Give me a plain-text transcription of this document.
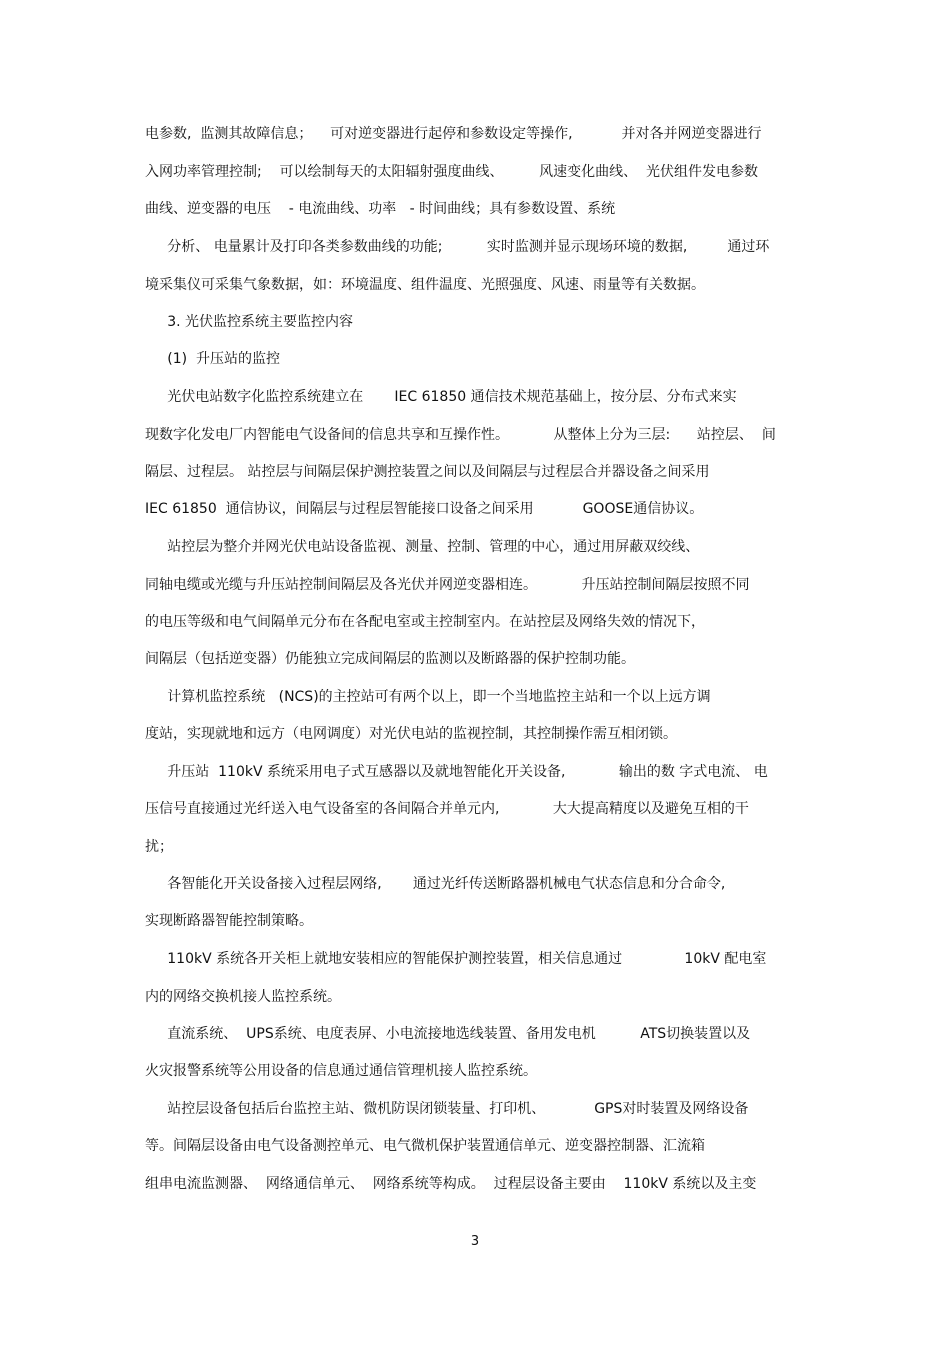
电参数,  监测其故障信息；    可对逆变器进行起停和参数设定等操作,           并对各并网逆变器进行
入网功率管理控制;    可以绘制每天的太阳辐射强度曲线、        风速变化曲线、  光伏组件发电参数
曲线、逆变器的电压    - 电流曲线、功率   - 时间曲线；具有参数设置、系统
分析、 电量累计及打印各类参数曲线的功能;          实时监测并显示现场环境的数据,         通过环
境采集仪可采集气象数据，如：环境温度、组件温度、光照强度、风速、雨量等有关数据。
3. 光伏监控系统主要监控内容
(1)  升压站的监控
光伏电站数字化监控系统建立在       IEC 61850 通信技术规范基础上，按分层、分布式来实
现数字化发电厂内智能电气设备间的信息共享和互操作性。          从整体上分为三层:      站控层、  间
隔层、过程层。 站控层与间隔层保护测控装置之间以及间隔层与过程层合并器设备之间采用
IEC 61850  通信协议，间隔层与过程层智能接口设备之间采用           GOOSE通信协议。
站控层为整介并网光伏电站设备监视、测量、控制、管理的中心，通过用屏蔽双绞线、
同轴电缆或光缆与升压站控制间隔层及各光伏并网逆变器相连。          升压站控制间隔层按照不同
的电压等级和电气间隔单元分布在各配电室或主控制室内。在站控层及网络失效的情况下，
间隔层（包括逆变器）仍能独立完成间隔层的监测以及断路器的保护控制功能。
计算机监控系统   (NCS)的主控站可有两个以上，即一个当地监控主站和一个以上远方调
度站，实现就地和远方（电网调度）对光伏电站的监视控制，其控制操作需互相闭锁。
升压站  110kV 系统采用电子式互感器以及就地智能化开关设备,            输出的数 字式电流、 电
压信号直接通过光纤送入电气设备室的各间隔合并单元内,            大大提高精度以及避免互相的干
扰；
各智能化开关设备接入过程层网络,       通过光纤传送断路器机械电气状态信息和分合命令,
实现断路器智能控制策略。
110kV 系统各开关柜上就地安装相应的智能保护测控装置，相关信息通过              10kV 配电室
内的网络交换机接人监控系统。
直流系统、  UPS系统、电度表屏、小电流接地选线装置、备用发电机          ATS切换装置以及
火灾报警系统等公用设备的信息通过通信管理机接人监控系统。
站控层设备包括后台监控主站、微机防误闭锁装量、打印机、           GPS对时装置及网络设备
等。间隔层设备由电气设备测控单元、电气微机保护装置通信单元、逆变器控制器、汇流箱
组串电流监测器、  网络通信单元、  网络系统等构成。  过程层设备主要由    110kV 系统以及主变
3
